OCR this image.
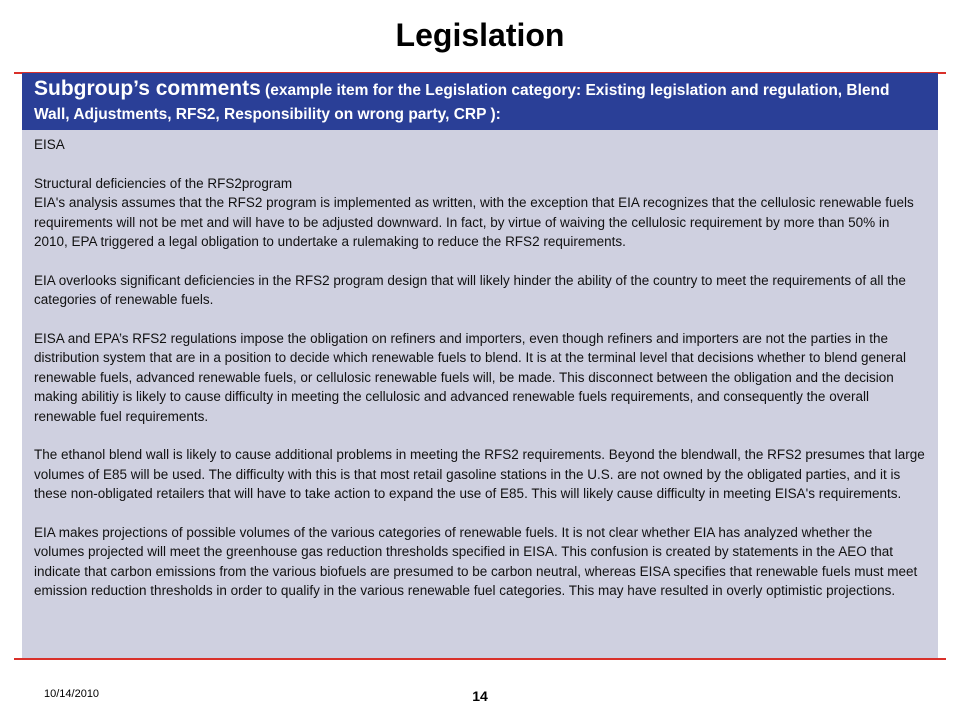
Legislation
Subgroup’s comments (example item for the Legislation category: Existing legislation and regulation, Blend Wall, Adjustments, RFS2, Responsibility on wrong party, CRP ):

EISA

Structural deficiencies of the RFS2program

EIA's analysis assumes that the RFS2 program is implemented as written, with the exception that EIA recognizes that the cellulosic renewable fuels requirements will not be met and will have to be adjusted downward. In fact, by virtue of waiving the cellulosic requirement by more than 50% in 2010, EPA triggered a legal obligation to undertake a rulemaking to reduce the RFS2 requirements.

EIA overlooks significant deficiencies in the RFS2 program design that will likely hinder the ability of the country to meet the requirements of all the categories of renewable fuels.

EISA and EPA’s RFS2 regulations impose the obligation on refiners and importers, even though refiners and importers are not the parties in the distribution system that are in a position to decide which renewable fuels to blend. It is at the terminal level that decisions whether to blend general renewable fuels, advanced renewable fuels, or cellulosic renewable fuels will, be made. This disconnect between the obligation and the decision making abilitiy is likely to cause difficulty in meeting the cellulosic and advanced renewable fuels requirements, and consequently the overall renewable fuel requirements.

The ethanol blend wall is likely to cause additional problems in meeting the RFS2 requirements. Beyond the blendwall, the RFS2 presumes that large volumes of E85 will be used. The difficulty with this is that most retail gasoline stations in the U.S. are not owned by the obligated parties, and it is these non-obligated retailers that will have to take action to expand the use of E85. This will likely cause difficulty in meeting EISA's requirements.

EIA makes projections of possible volumes of the various categories of renewable fuels. It is not clear whether EIA has analyzed whether the volumes projected will meet the greenhouse gas reduction thresholds specified in EISA. This confusion is created by statements in the AEO that indicate that carbon emissions from the various biofuels are presumed to be carbon neutral, whereas EISA specifies that renewable fuels must meet emission reduction thresholds in order to qualify in the various renewable fuel categories. This may have resulted in overly optimistic projections.

10/14/2010	14
